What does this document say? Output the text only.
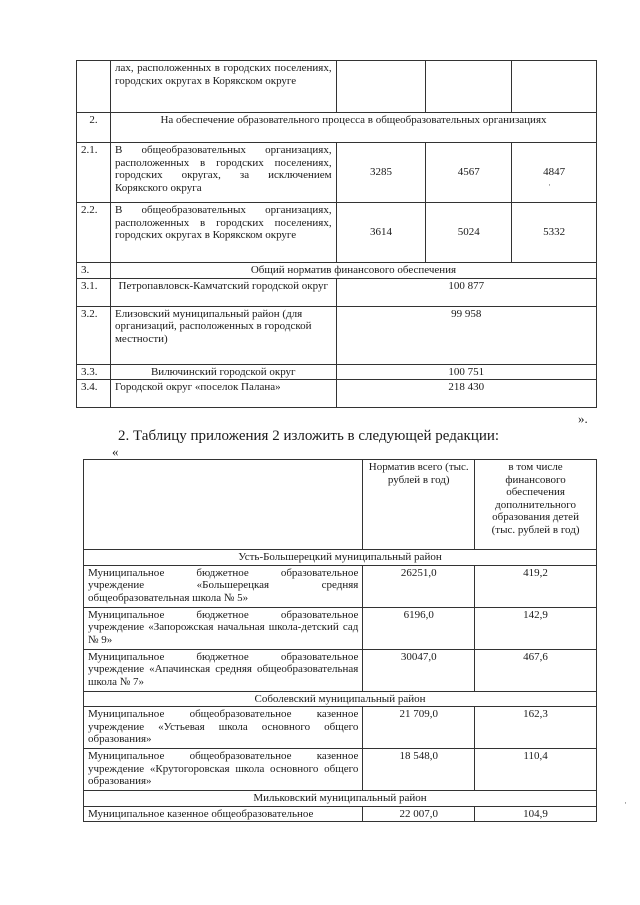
	лах, расположенных в городских поселениях, городских округах в Корякском округе			
2.	На обеспечение образовательного процесса в общеобразовательных организациях			
2.1.	В общеобразовательных организациях, расположенных в городских поселениях, городских округах, за исключением Корякского округа	3285	4567	4847
2.2.	В общеобразовательных организациях, расположенных в городских поселениях, городских округах в Корякском округе	3614	5024	5332
3.	Общий норматив финансового обеспечения			
3.1.	Петропавловск-Камчатский городской округ	100 877		
3.2.	Елизовский муниципальный район (для организаций, расположенных в городской местности)	99 958		
3.3.	Вилючинский городской округ	100 751		
3.4.	Городской округ «поселок Палана»	218 430		
».
2. Таблицу приложения 2 изложить в следующей редакции:
«
	Норматив всего (тыс. рублей в год)	в том числе финансового обеспечения дополнительного образования детей (тыс. рублей в год)
Усть-Большерецкий муниципальный район		
Муниципальное бюджетное образовательное учреждение «Большерецкая средняя общеобразовательная школа № 5»	26251,0	419,2
Муниципальное бюджетное образовательное учреждение «Запорожская начальная школа-детский сад № 9»	6196,0	142,9
Муниципальное бюджетное образовательное учреждение «Апачинская средняя общеобразовательная школа № 7»	30047,0	467,6
Соболевский муниципальный район		
Муниципальное общеобразовательное казенное учреждение «Устьевая школа основного общего образования»	21 709,0	162,3
Муниципальное общеобразовательное казенное учреждение «Крутогоровская школа основного общего образования»	18 548,0	110,4
Мильковский муниципальный район		
Муниципальное казенное общеобразовательное	22 007,0	104,9
·
·
